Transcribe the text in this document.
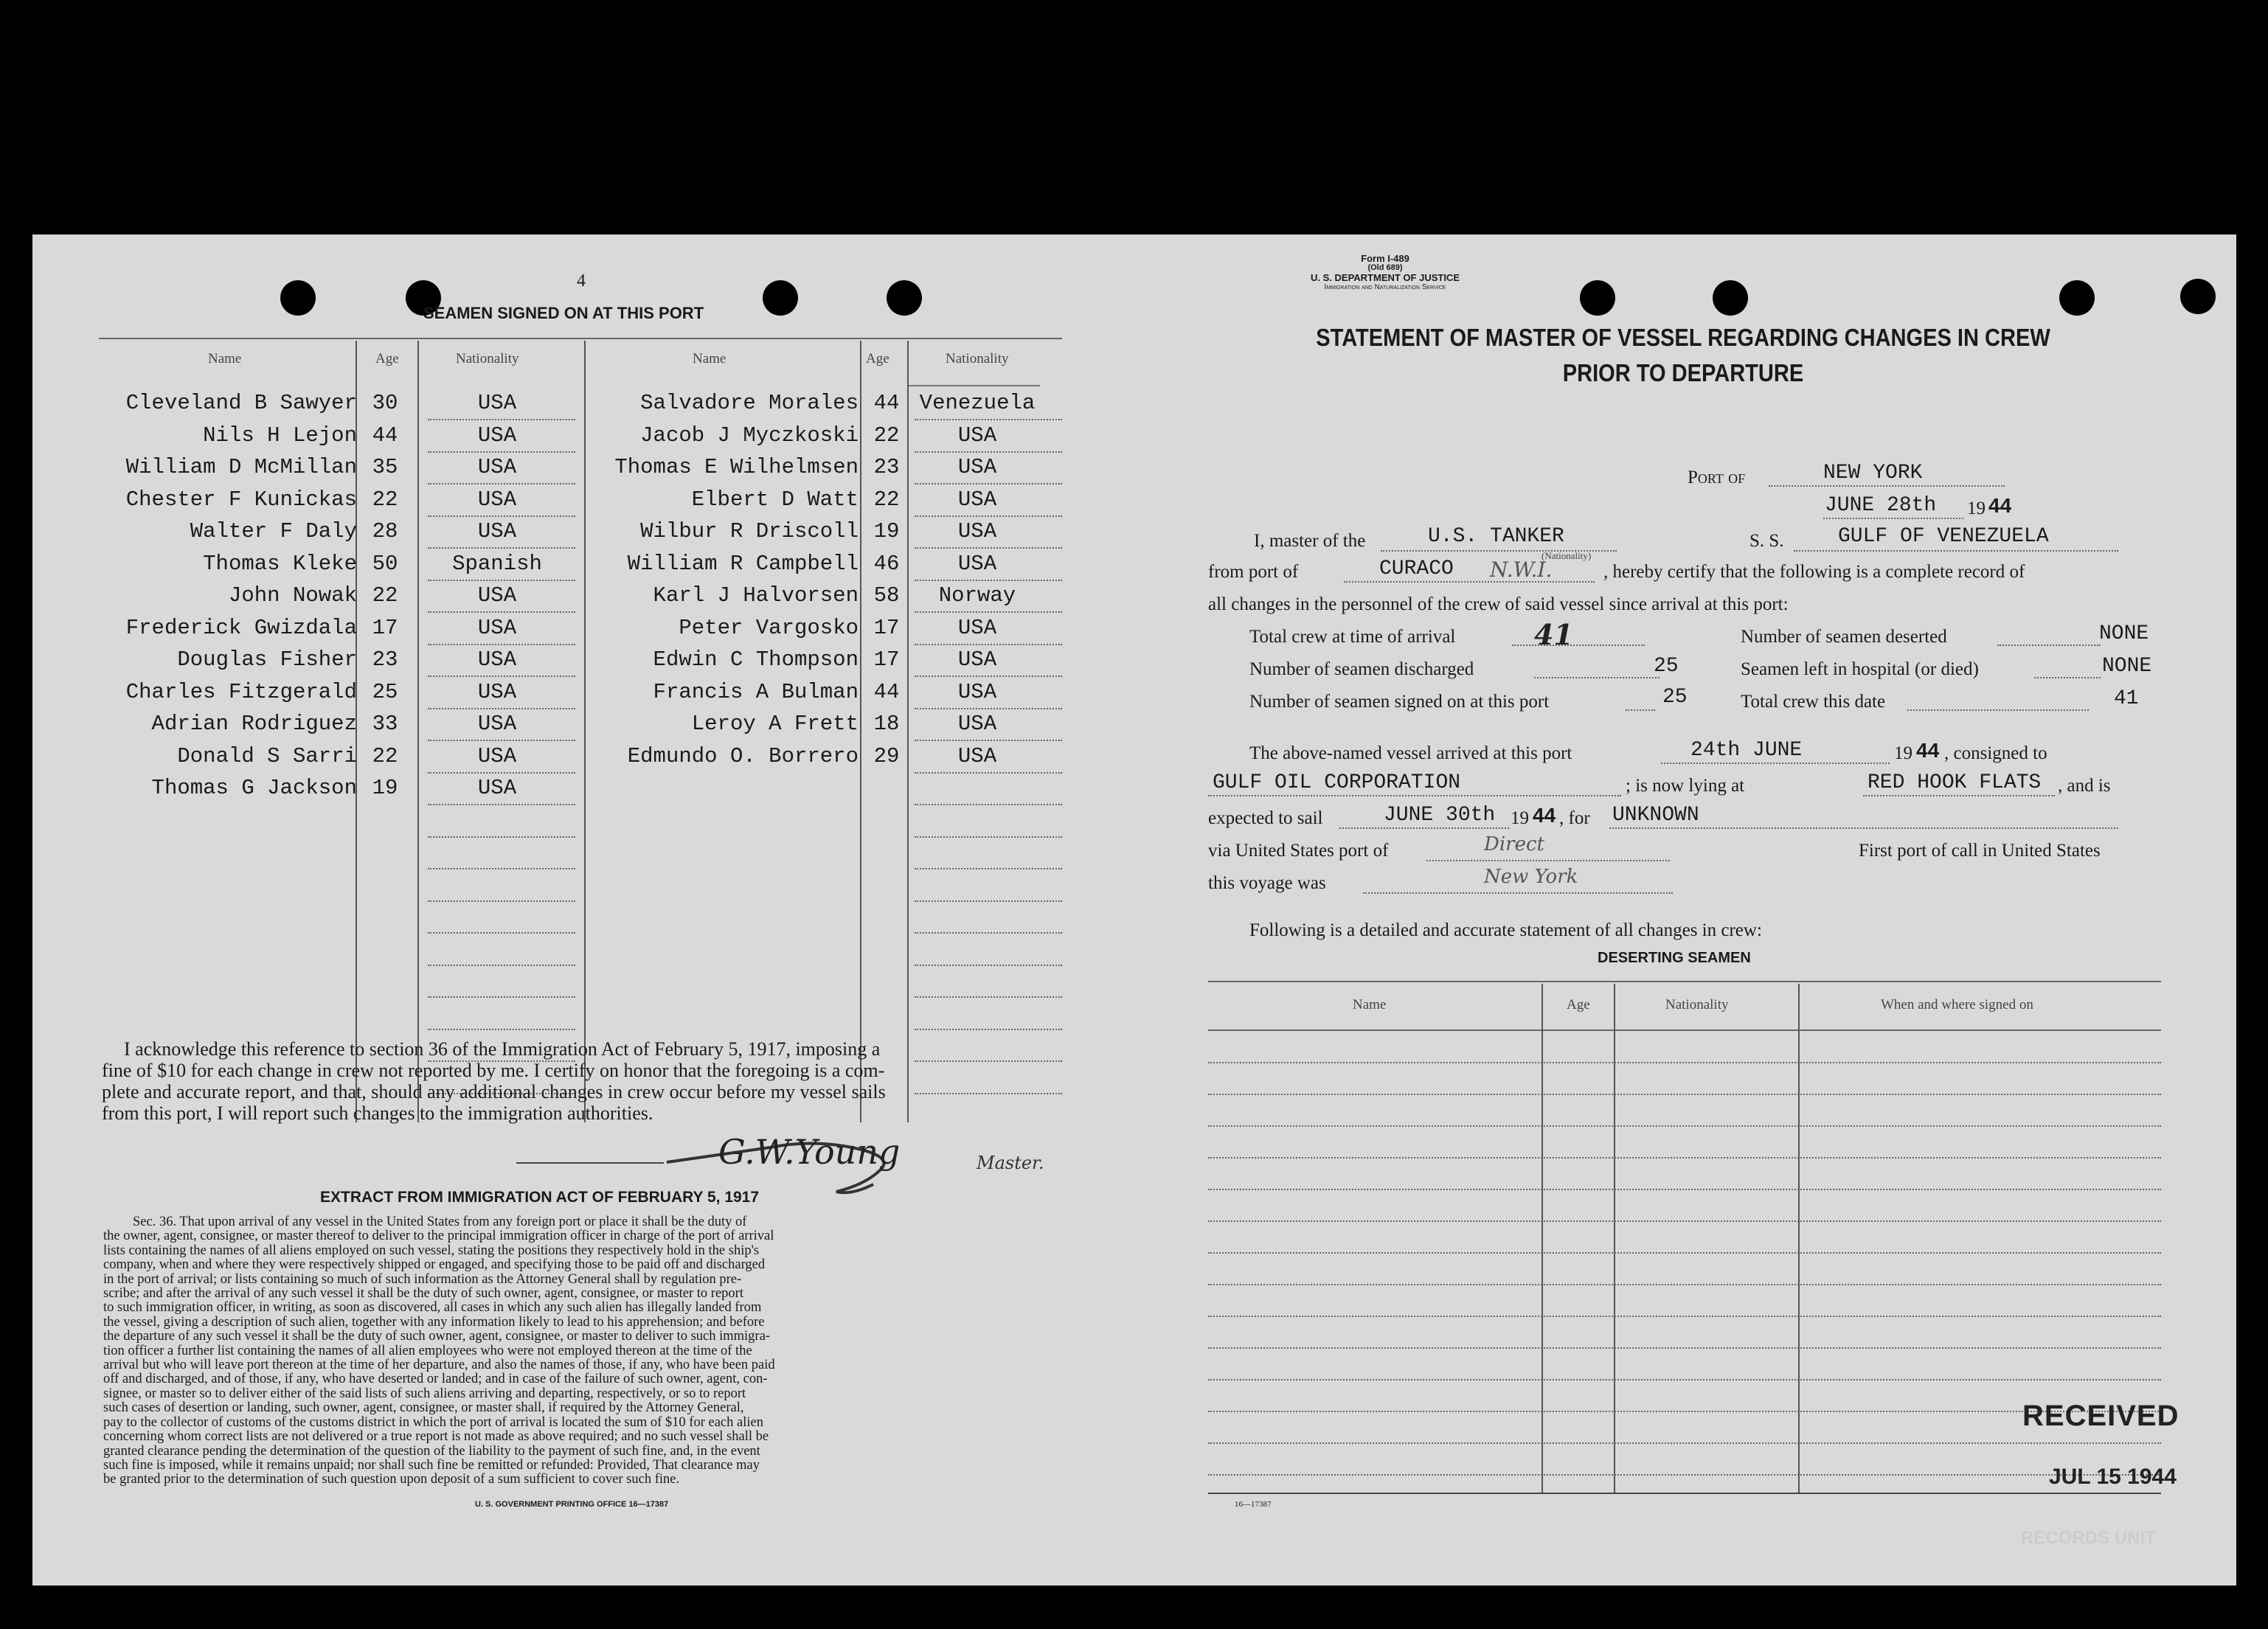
4
SEAMEN SIGNED ON AT THIS PORT
Name	Age	Nationality	Name	Age	Nationality
Cleveland B Sawyer 30	USA
Nils H Lejon 44	USA
William D McMillan 35	USA
Chester F Kunickas 22	USA
Walter F Daly 28	USA
Thomas Kleke 50	Spanish
John Nowak 22	USA
Frederick Gwizdala 17	USA
Douglas Fisher 23	USA
Charles Fitzgerald 25	USA
Adrian Rodriguez 33	USA
Donald S Sarri 22	USA
Thomas G Jackson 19	USA
Salvadore Morales 44 Venezuela
Jacob J Myczkoski 22	USA
Thomas E Wilhelmsen 23	USA
Elbert D Watt 22	USA
Wilbur R Driscoll 19	USA
William R Campbell 46	USA
Karl J Halvorsen 58	Norway
Peter Vargosko 17	USA
Edwin C Thompson 17	USA
Francis A Bulman 44	USA
Leroy A Frett 18	USA
Edmundo O. Borrero 29	USA
I acknowledge this reference to section 36 of the Immigration Act of February 5, 1917, imposing a
fine of $10 for each change in crew not reported by me. I certify on honor that the foregoing is a com-
plete and accurate report, and that, should any additional changes in crew occur before my vessel sails
from this port, I will report such changes to the immigration authorities.
G.W.Young	Master.
EXTRACT FROM IMMIGRATION ACT OF FEBRUARY 5, 1917
Sec. 36. That upon arrival of any vessel in the United States from any foreign port or place it shall be the duty of
the owner, agent, consignee, or master thereof to deliver to the principal immigration officer in charge of the port of arrival
lists containing the names of all aliens employed on such vessel, stating the positions they respectively hold in the ship's
company, when and where they were respectively shipped or engaged, and specifying those to be paid off and discharged
in the port of arrival; or lists containing so much of such information as the Attorney General shall by regulation pre-
scribe; and after the arrival of any such vessel it shall be the duty of such owner, agent, consignee, or master to report
to such immigration officer, in writing, as soon as discovered, all cases in which any such alien has illegally landed from
the vessel, giving a description of such alien, together with any information likely to lead to his apprehension; and before
the departure of any such vessel it shall be the duty of such owner, agent, consignee, or master to deliver to such immigra-
tion officer a further list containing the names of all alien employees who were not employed thereon at the time of the
arrival but who will leave port thereon at the time of her departure, and also the names of those, if any, who have been paid
off and discharged, and of those, if any, who have deserted or landed; and in case of the failure of such owner, agent, con-
signee, or master so to deliver either of the said lists of such aliens arriving and departing, respectively, or so to report
such cases of desertion or landing, such owner, agent, consignee, or master shall, if required by the Attorney General,
pay to the collector of customs of the customs district in which the port of arrival is located the sum of $10 for each alien
concerning whom correct lists are not delivered or a true report is not made as above required; and no such vessel shall be
granted clearance pending the determination of the question of the liability to the payment of such fine, and, in the event
such fine is imposed, while it remains unpaid; nor shall such fine be remitted or refunded: Provided, That clearance may
be granted prior to the determination of such question upon deposit of a sum sufficient to cover such fine.
U. S. GOVERNMENT PRINTING OFFICE 16—17387
Form I-489
(Old 689)
U. S. DEPARTMENT OF JUSTICE
Immigration and Naturalization Service
STATEMENT OF MASTER OF VESSEL REGARDING CHANGES IN CREW
PRIOR TO DEPARTURE
Port of	NEW YORK
JUNE 28th 19 44
I, master of the	U.S. TANKER	S. S.	GULF OF VENEZUELA
from port of	CURACO N.W.I.
(Nationality)
, hereby certify that the following is a complete record of
all changes in the personnel of the crew of said vessel since arrival at this port:
Total crew at time of arrival	41	Number of seamen deserted	NONE
Number of seamen discharged	25	Seamen left in hospital (or died)	NONE
Number of seamen signed on at this port	25	Total crew this date	41
The above-named vessel arrived at this port	24th JUNE	19 44 , consigned to
GULF OIL CORPORATION	; is now lying at	RED HOOK FLATS , and is
expected to sail	JUNE 30th 19 44 , for UNKNOWN
via United States port of	Direct	First port of call in United States
this voyage was	New York
Following is a detailed and accurate statement of all changes in crew:
DESERTING SEAMEN
Name	Age	Nationality	When and where signed on
16—17387
RECEIVED
JUL 15 1944
RECORDS UNIT
